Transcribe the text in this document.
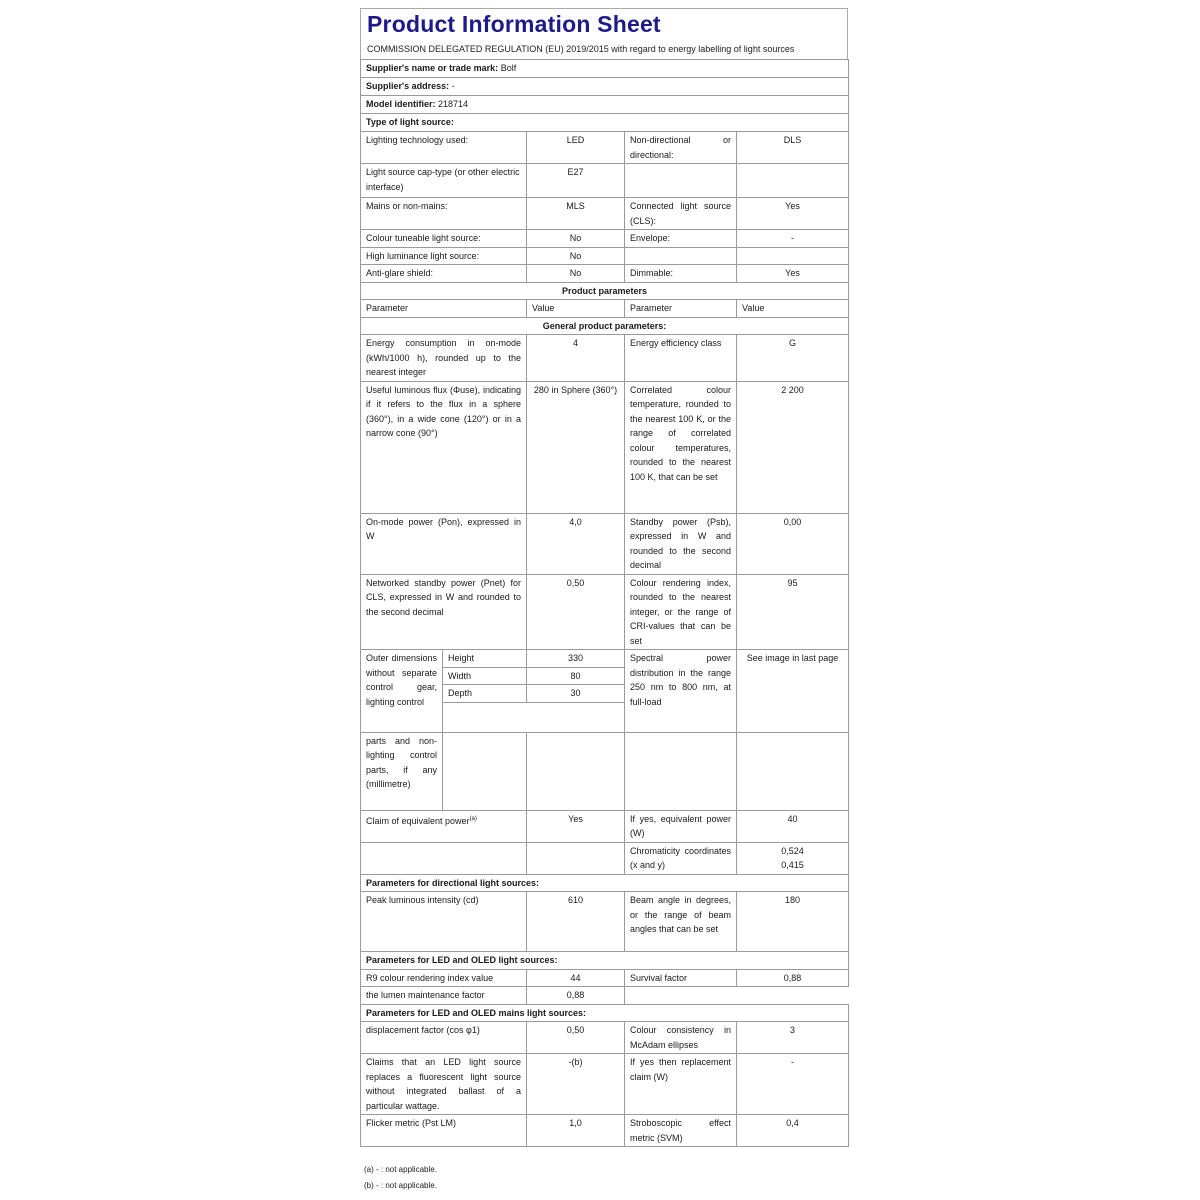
Product Information Sheet
COMMISSION DELEGATED REGULATION (EU) 2019/2015 with regard to energy labelling of light sources
Supplier's name or trade mark: Bolf				
Supplier's address: -				
Model identifier: 218714				
Type of light source:				
Lighting technology used:		LED	Non-directional or directional:	DLS
Light source cap-type (or other electric interface)		E27		
Mains or non-mains:		MLS	Connected light source (CLS):	Yes
Colour tuneable light source:		No	Envelope:	-
High luminance light source:		No		
Anti-glare shield:		No	Dimmable:	Yes
Product parameters				
Parameter		Value	Parameter	Value
General product parameters:				
Energy consumption in on-mode (kWh/1000 h), rounded up to the nearest integer		4	Energy efficiency class	G
Useful luminous flux (Φuse), indicating if it refers to the flux in a sphere (360°), in a wide cone (120°) or in a narrow cone (90°)		280 in Sphere (360°)	Correlated colour temperature, rounded to the nearest 100 K, or the range of correlated colour temperatures, rounded to the nearest 100 K, that can be set	2 200
On-mode power (Pon), expressed in W		4,0	Standby power (Psb), expressed in W and rounded to the second decimal	0,00
Networked standby power (Pnet) for CLS, expressed in W and rounded to the second decimal		0,50	Colour rendering index, rounded to the nearest integer, or the range of CRI-values that can be set	95
Outer dimensions without separate control gear, lighting control	Height	330	Spectral power distribution in the range 250 nm to 800 nm, at full-load	See image in last page
	Width	80		
	Depth	30		

parts and non-lighting control parts, if any (millimetre)				
Claim of equivalent power$^{(a)}$		Yes	If yes, equivalent power (W)	40
			Chromaticity coordinates (x and y)	0,524
0,415

Parameters for directional light sources:				
Peak luminous intensity (cd)		610	Beam angle in degrees, or the range of beam angles that can be set	180
Parameters for LED and OLED light sources:				
R9 colour rendering index value		44	Survival factor	0,88
the lumen maintenance factor		0,88		
Parameters for LED and OLED mains light sources:				
displacement factor (cos φ1)		0,50	Colour consistency in McAdam ellipses	3
Claims that an LED light source replaces a fluorescent light source without integrated ballast of a particular wattage.		-(b)	If yes then replacement claim (W)	-
Flicker metric (Pst LM)		1,0	Stroboscopic effect metric (SVM)	0,4
(a) - : not applicable.
(b) - : not applicable.
